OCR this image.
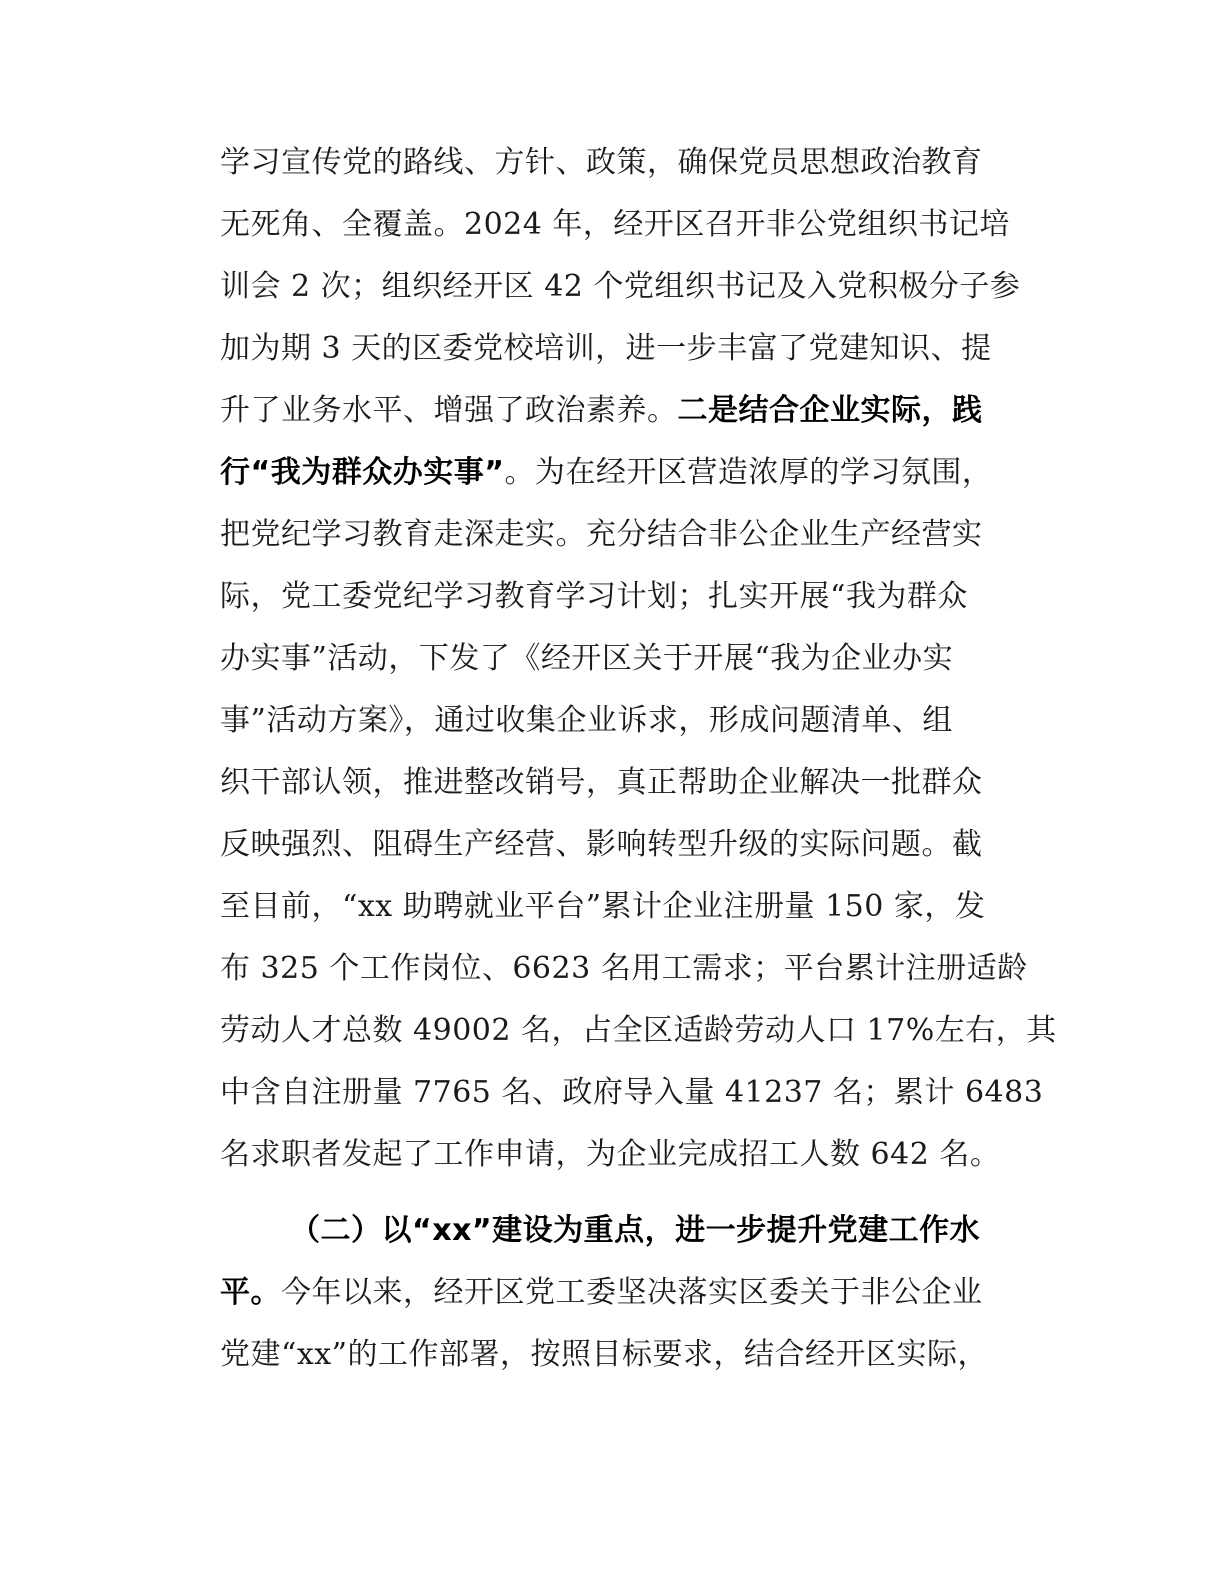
学习宣传党的路线、方针、政策，确保党员思想政治教育
无死角、全覆盖。2024 年，经开区召开非公党组织书记培
训会 2 次；组织经开区 42 个党组织书记及入党积极分子参
加为期 3 天的区委党校培训，进一步丰富了党建知识、提
升了业务水平、增强了政治素养。二是结合企业实际，践
行“我为群众办实事”。为在经开区营造浓厚的学习氛围，
把党纪学习教育走深走实。充分结合非公企业生产经营实
际，党工委党纪学习教育学习计划；扎实开展“我为群众
办实事”活动，下发了《经开区关于开展“我为企业办实
事”活动方案》，通过收集企业诉求，形成问题清单、组
织干部认领，推进整改销号，真正帮助企业解决一批群众
反映强烈、阻碍生产经营、影响转型升级的实际问题。截
至目前，“xx 助聘就业平台”累计企业注册量 150 家，发
布 325 个工作岗位、6623 名用工需求；平台累计注册适龄
劳动人才总数 49002 名，占全区适龄劳动人口 17%左右，其
中含自注册量 7765 名、政府导入量 41237 名；累计 6483
名求职者发起了工作申请，为企业完成招工人数 642 名。
（二）以“xx”建设为重点，进一步提升党建工作水
平。今年以来，经开区党工委坚决落实区委关于非公企业
党建“xx”的工作部署，按照目标要求，结合经开区实际，
